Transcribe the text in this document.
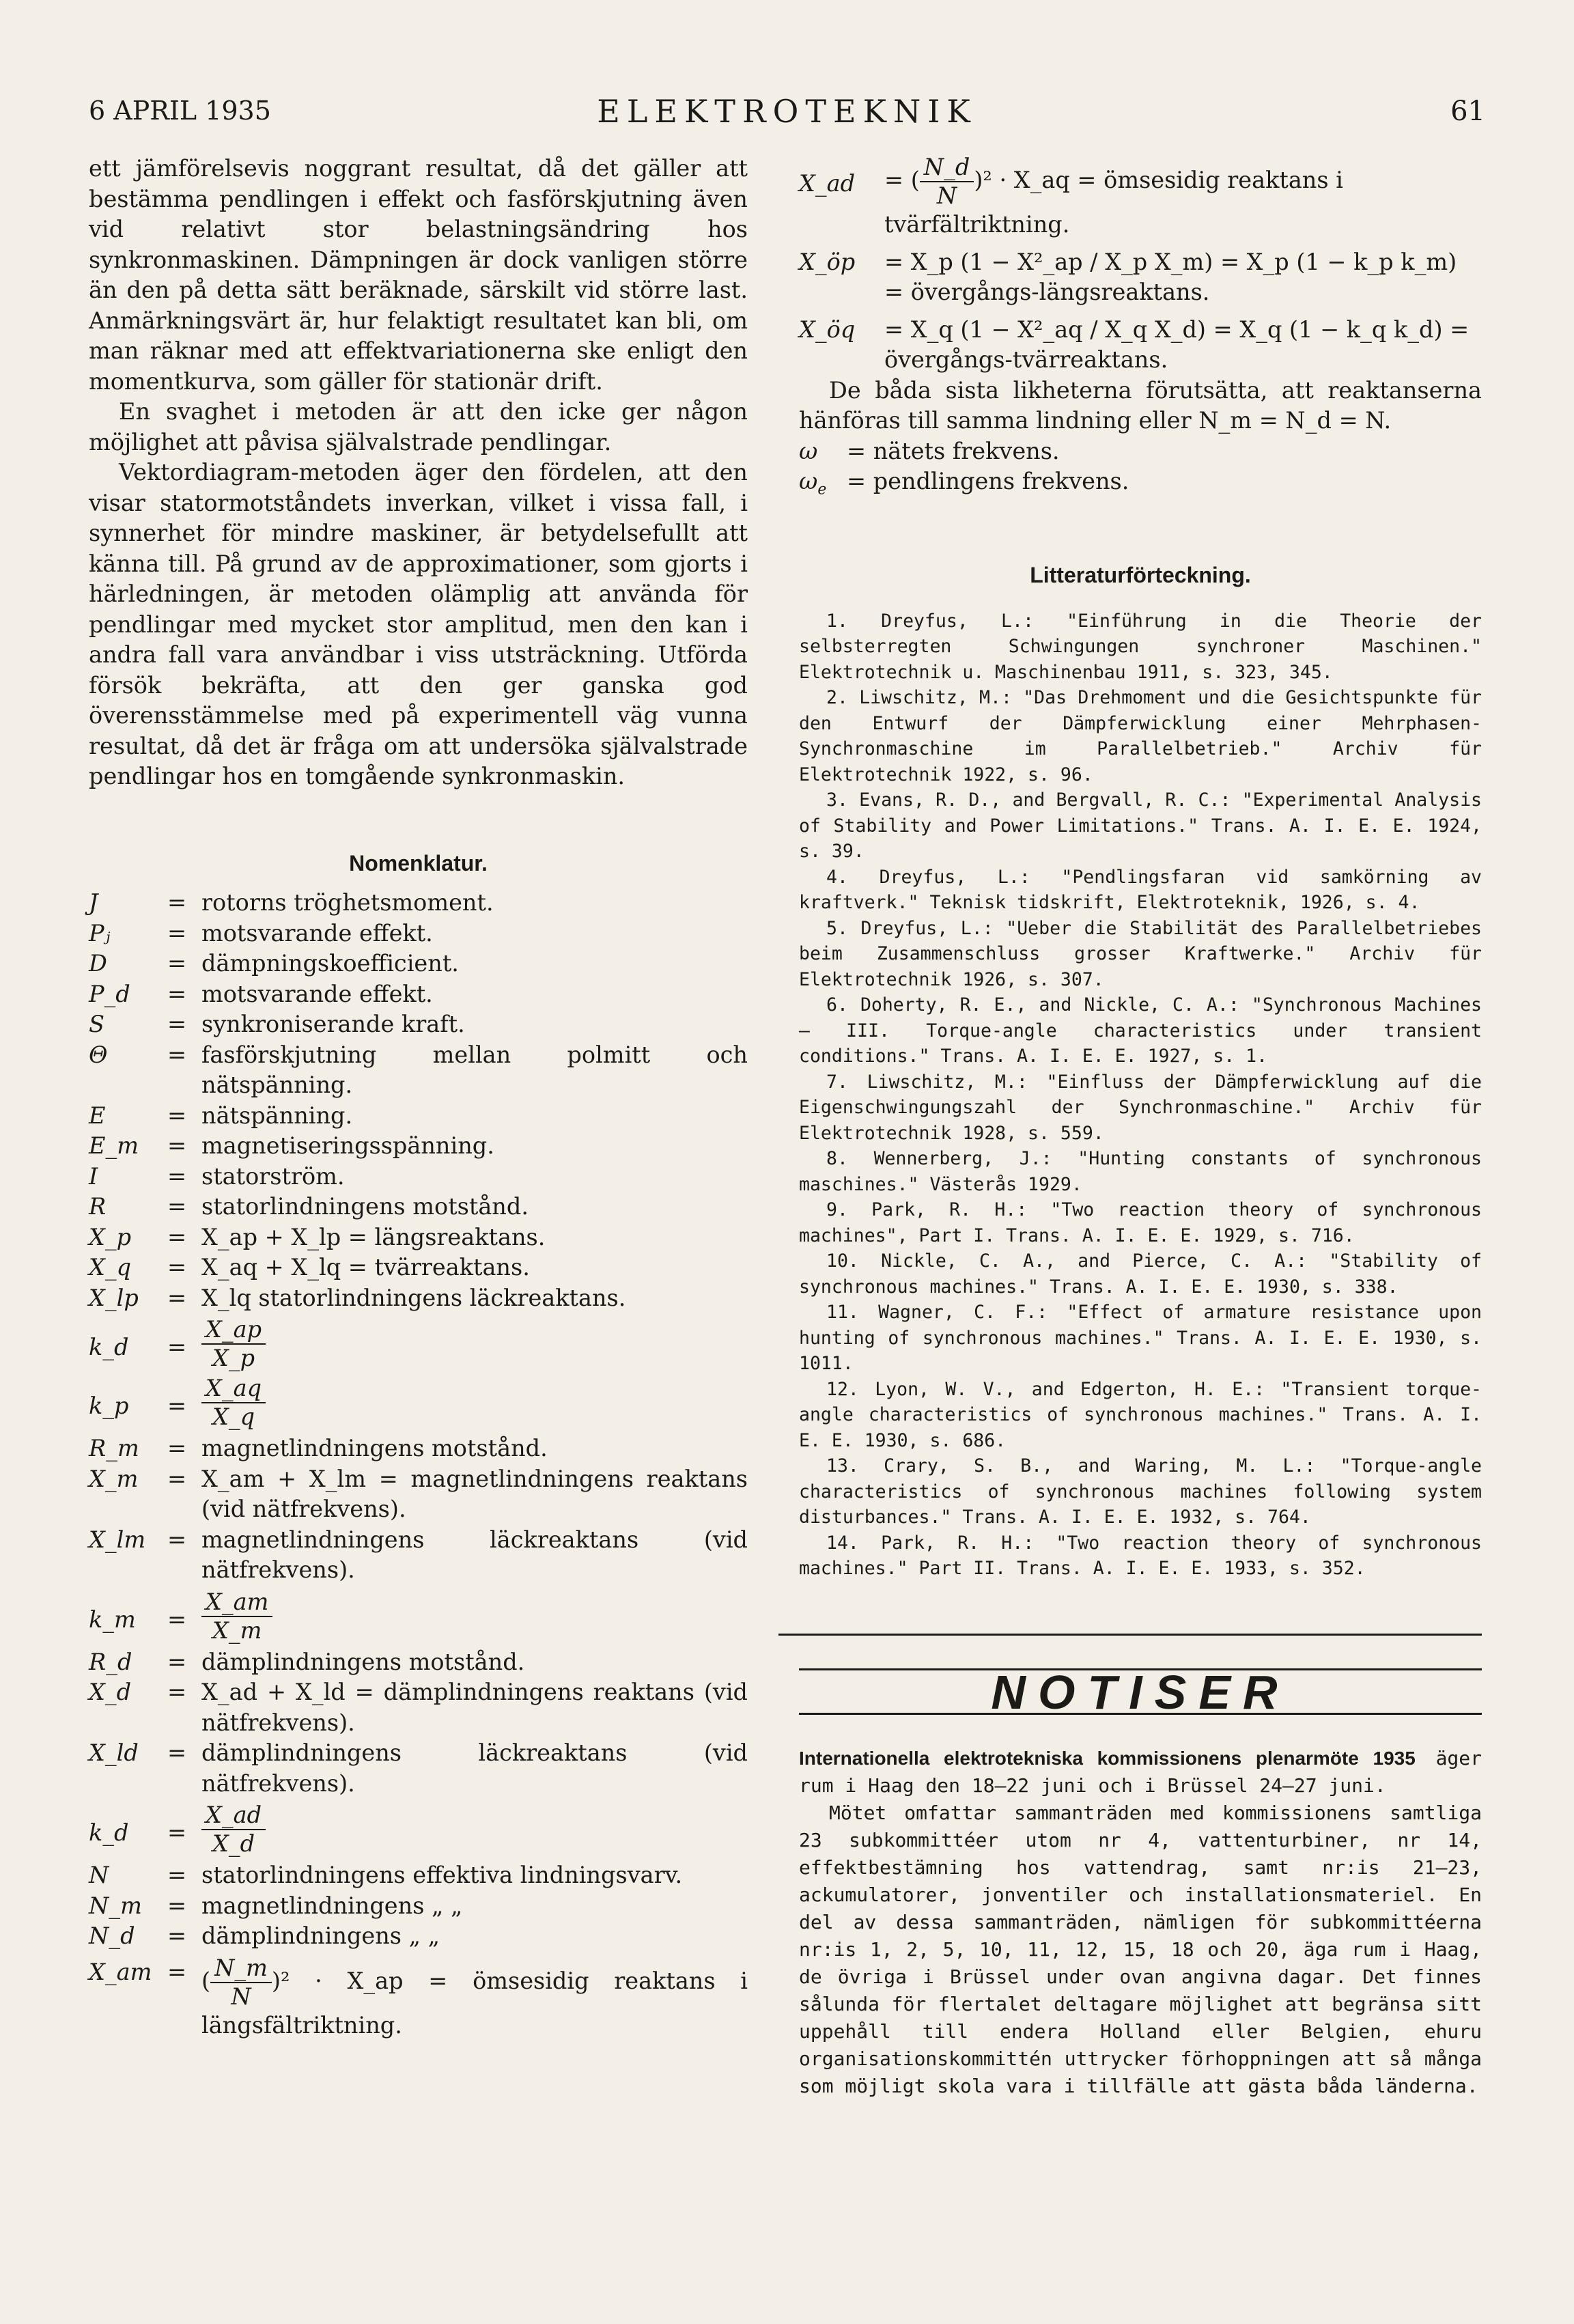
6 APRIL 1935	ELEKTROTEKNIK	61

ett jämförelsevis noggrant resultat, då det gäller att bestämma pendlingen i effekt och fasförskjutning även vid relativt stor belastningsändring hos synkronmaskinen. Dämpningen är dock vanligen större än den på detta sätt beräknade, särskilt vid större last. Anmärkningsvärt är, hur felaktigt resultatet kan bli, om man räknar med att effektvariationerna ske enligt den momentkurva, som gäller för stationär drift.

En svaghet i metoden är att den icke ger någon möjlighet att påvisa självalstrade pendlingar.

Vektordiagram-metoden äger den fördelen, att den visar statormotståndets inverkan, vilket i vissa fall, i synnerhet för mindre maskiner, är betydelsefullt att känna till. På grund av de approximationer, som gjorts i härledningen, är metoden olämplig att använda för pendlingar med mycket stor amplitud, men den kan i andra fall vara användbar i viss utsträckning. Utförda försök bekräfta, att den ger ganska god överensstämmelse med på experimentell väg vunna resultat, då det är fråga om att undersöka självalstrade pendlingar hos en tomgående synkronmaskin.

Nomenklatur.
J	= rotorns tröghetsmoment.
Pⱼ	= motsvarande effekt.
D	= dämpningskoefficient.
P_d	= motsvarande effekt.
S	= synkroniserande kraft.
Θ	= fasförskjutning mellan polmitt och nätspänning.
E	= nätspänning.
E_m	= magnetiseringsspänning.
I	= statorström.
R	= statorlindningens motstånd.
X_p	= X_ap + X_lp = längsreaktans.
X_q	= X_aq + X_lq = tvärreaktans.
X_lp	= X_lq statorlindningens läckreaktans.
k_d	= $\frac{X\_ap}{X\_p}$
k_p	= $\frac{X\_aq}{X\_q}$
R_m	= magnetlindningens motstånd.
X_m	= X_am + X_lm = magnetlindningens reaktans (vid nätfrekvens).
X_lm = magnetlindningens läckreaktans (vid nätfrekvens).
k_m	= $\frac{X\_am}{X\_m}$
R_d	= dämplindningens motstånd.
X_d	= X_ad + X_ld = dämplindningens reaktans (vid nätfrekvens).
X_ld	= dämplindningens läckreaktans (vid nätfrekvens).
k_d	= $\frac{X\_ad}{X\_d}$
N	= statorlindningens effektiva lindningsvarv.
N_m	= magnetlindningens „ „
N_d	= dämplindningens „ „
X_am = ( $\frac{N\_m}{N} )^2$ · X_ap = ömsesidig reaktans i längsfältriktning.
X_ad	= ( $\frac{N\_d}{N} )^2$ · X_aq = ömsesidig reaktans i tvärfältriktning.
X_öp	= X_p (1 − X²_ap / X_p X_m) = X_p (1 − k_p k_m) = övergångs-längsreaktans.
X_öq	= X_q (1 − X²_aq / X_q X_d) = X_q (1 − k_q k_d) = övergångs-tvärreaktans.

De båda sista likheterna förutsätta, att reaktanserna hänföras till samma lindning eller N_m = N_d = N.

ω	= nätets frekvens.
$\omega_e$ = pendlingens frekvens.
Litteraturförteckning.

1. Dreyfus, L.: "Einführung in die Theorie der selbsterregten Schwingungen synchroner Maschinen." Elektrotechnik u. Maschinenbau 1911, s. 323, 345.

2. Liwschitz, M.: "Das Drehmoment und die Gesichtspunkte für den Entwurf der Dämpferwicklung einer Mehrphasen-Synchronmaschine im Parallelbetrieb." Archiv für Elektrotechnik 1922, s. 96.

3. Evans, R. D., and Bergvall, R. C.: "Experimental Analysis of Stability and Power Limitations." Trans. A. I. E. E. 1924, s. 39.

4. Dreyfus, L.: "Pendlingsfaran vid samkörning av kraftverk." Teknisk tidskrift, Elektroteknik, 1926, s. 4.

5. Dreyfus, L.: "Ueber die Stabilität des Parallelbetriebes beim Zusammenschluss grosser Kraftwerke." Archiv für Elektrotechnik 1926, s. 307.

6. Doherty, R. E., and Nickle, C. A.: "Synchronous Machines — III. Torque-angle characteristics under transient conditions." Trans. A. I. E. E. 1927, s. 1.

7. Liwschitz, M.: "Einfluss der Dämpferwicklung auf die Eigenschwingungszahl der Synchronmaschine." Archiv für Elektrotechnik 1928, s. 559.

8. Wennerberg, J.: "Hunting constants of synchronous maschines." Västerås 1929.

9. Park, R. H.: "Two reaction theory of synchronous machines", Part I. Trans. A. I. E. E. 1929, s. 716.

10. Nickle, C. A., and Pierce, C. A.: "Stability of synchronous machines." Trans. A. I. E. E. 1930, s. 338.

11. Wagner, C. F.: "Effect of armature resistance upon hunting of synchronous machines." Trans. A. I. E. E. 1930, s. 1011.

12. Lyon, W. V., and Edgerton, H. E.: "Transient torque-angle characteristics of synchronous machines." Trans. A. I. E. E. 1930, s. 686.

13. Crary, S. B., and Waring, M. L.: "Torque-angle characteristics of synchronous machines following system disturbances." Trans. A. I. E. E. 1932, s. 764.

14. Park, R. H.: "Two reaction theory of synchronous machines." Part II. Trans. A. I. E. E. 1933, s. 352.

NOTISER

Internationella elektrotekniska kommissionens plenarmöte 1935 äger rum i Haag den 18—22 juni och i Brüssel 24—27 juni.

Mötet omfattar sammanträden med kommissionens samtliga 23 subkommittéer utom nr 4, vattenturbiner, nr 14, effektbestämning hos vattendrag, samt nr:is 21—23, ackumulatorer, jonventiler och installationsmateriel. En del av dessa sammanträden, nämligen för subkommittéerna nr:is 1, 2, 5, 10, 11, 12, 15, 18 och 20, äga rum i Haag, de övriga i Brüssel under ovan angivna dagar. Det finnes sålunda för flertalet deltagare möjlighet att begränsa sitt uppehåll till endera Holland eller Belgien, ehuru organisationskommittén uttrycker förhoppningen att så många som möjligt skola vara i tillfälle att gästa båda länderna.
